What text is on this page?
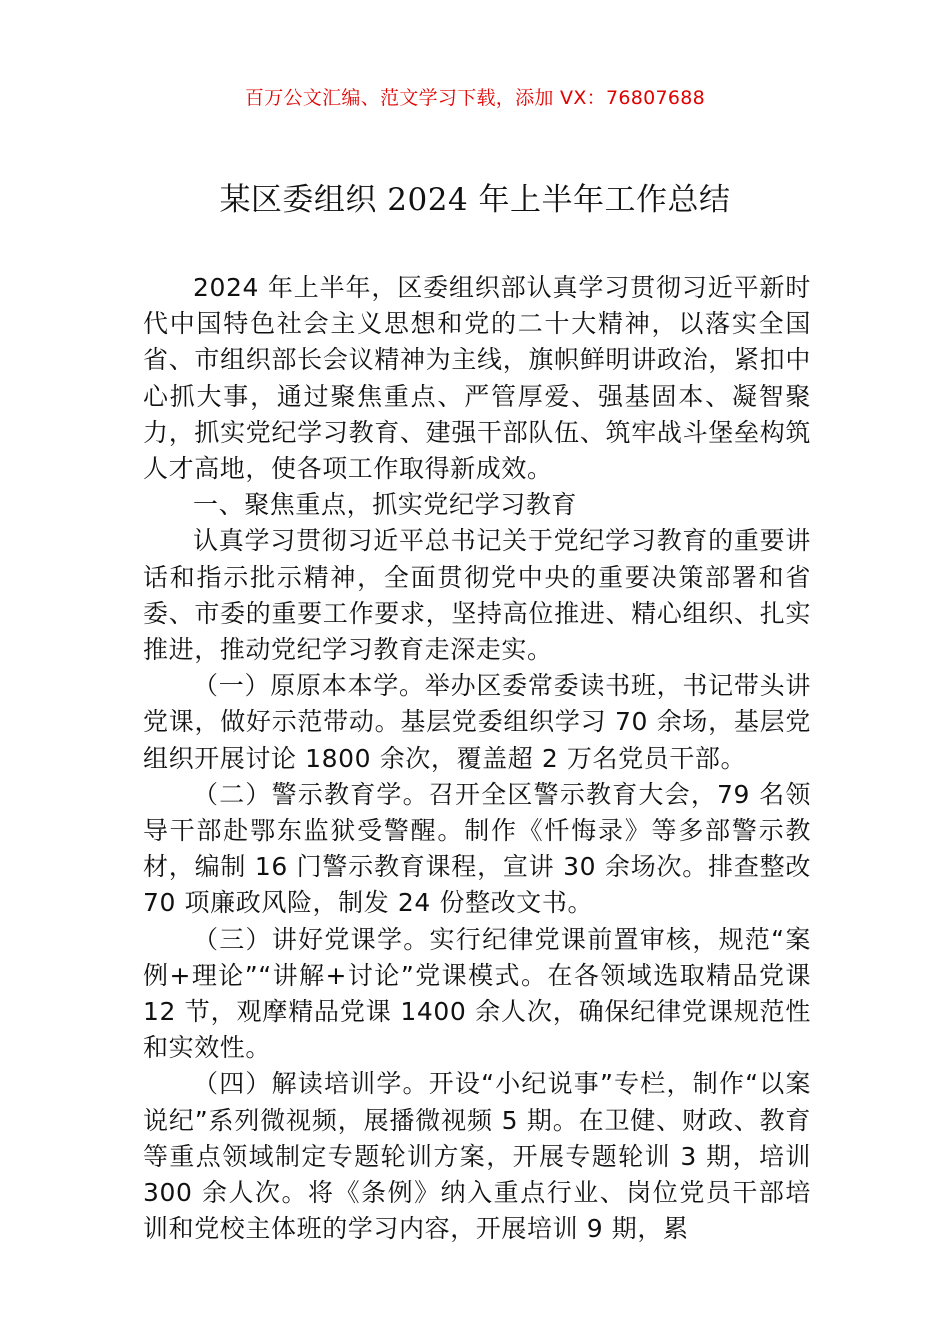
百万公文汇编、范文学习下载，添加 VX：76807688
某区委组织 2024 年上半年工作总结

2024 年上半年，区委组织部认真学习贯彻习近平新时代中国特色社会主义思想和党的二十大精神，以落实全国省、市组织部长会议精神为主线，旗帜鲜明讲政治，紧扣中心抓大事，通过聚焦重点、严管厚爱、强基固本、凝智聚力，抓实党纪学习教育、建强干部队伍、筑牢战斗堡垒构筑人才高地，使各项工作取得新成效。

一、聚焦重点，抓实党纪学习教育

认真学习贯彻习近平总书记关于党纪学习教育的重要讲话和指示批示精神，全面贯彻党中央的重要决策部署和省委、市委的重要工作要求，坚持高位推进、精心组织、扎实推进，推动党纪学习教育走深走实。

（一）原原本本学。举办区委常委读书班，书记带头讲党课，做好示范带动。基层党委组织学习 70 余场，基层党组织开展讨论 1800 余次，覆盖超 2 万名党员干部。

（二）警示教育学。召开全区警示教育大会，79 名领导干部赴鄂东监狱受警醒。制作《忏悔录》等多部警示教材，编制 16 门警示教育课程，宣讲 30 余场次。排查整改 70 项廉政风险，制发 24 份整改文书。

（三）讲好党课学。实行纪律党课前置审核，规范“案例+理论”“讲解+讨论”党课模式。在各领域选取精品党课 12 节，观摩精品党课 1400 余人次，确保纪律党课规范性和实效性。

（四）解读培训学。开设“小纪说事”专栏，制作“以案说纪”系列微视频，展播微视频 5 期。在卫健、财政、教育等重点领域制定专题轮训方案，开展专题轮训 3 期，培训 300 余人次。将《条例》纳入重点行业、岗位党员干部培训和党校主体班的学习内容，开展培训 9 期，累
